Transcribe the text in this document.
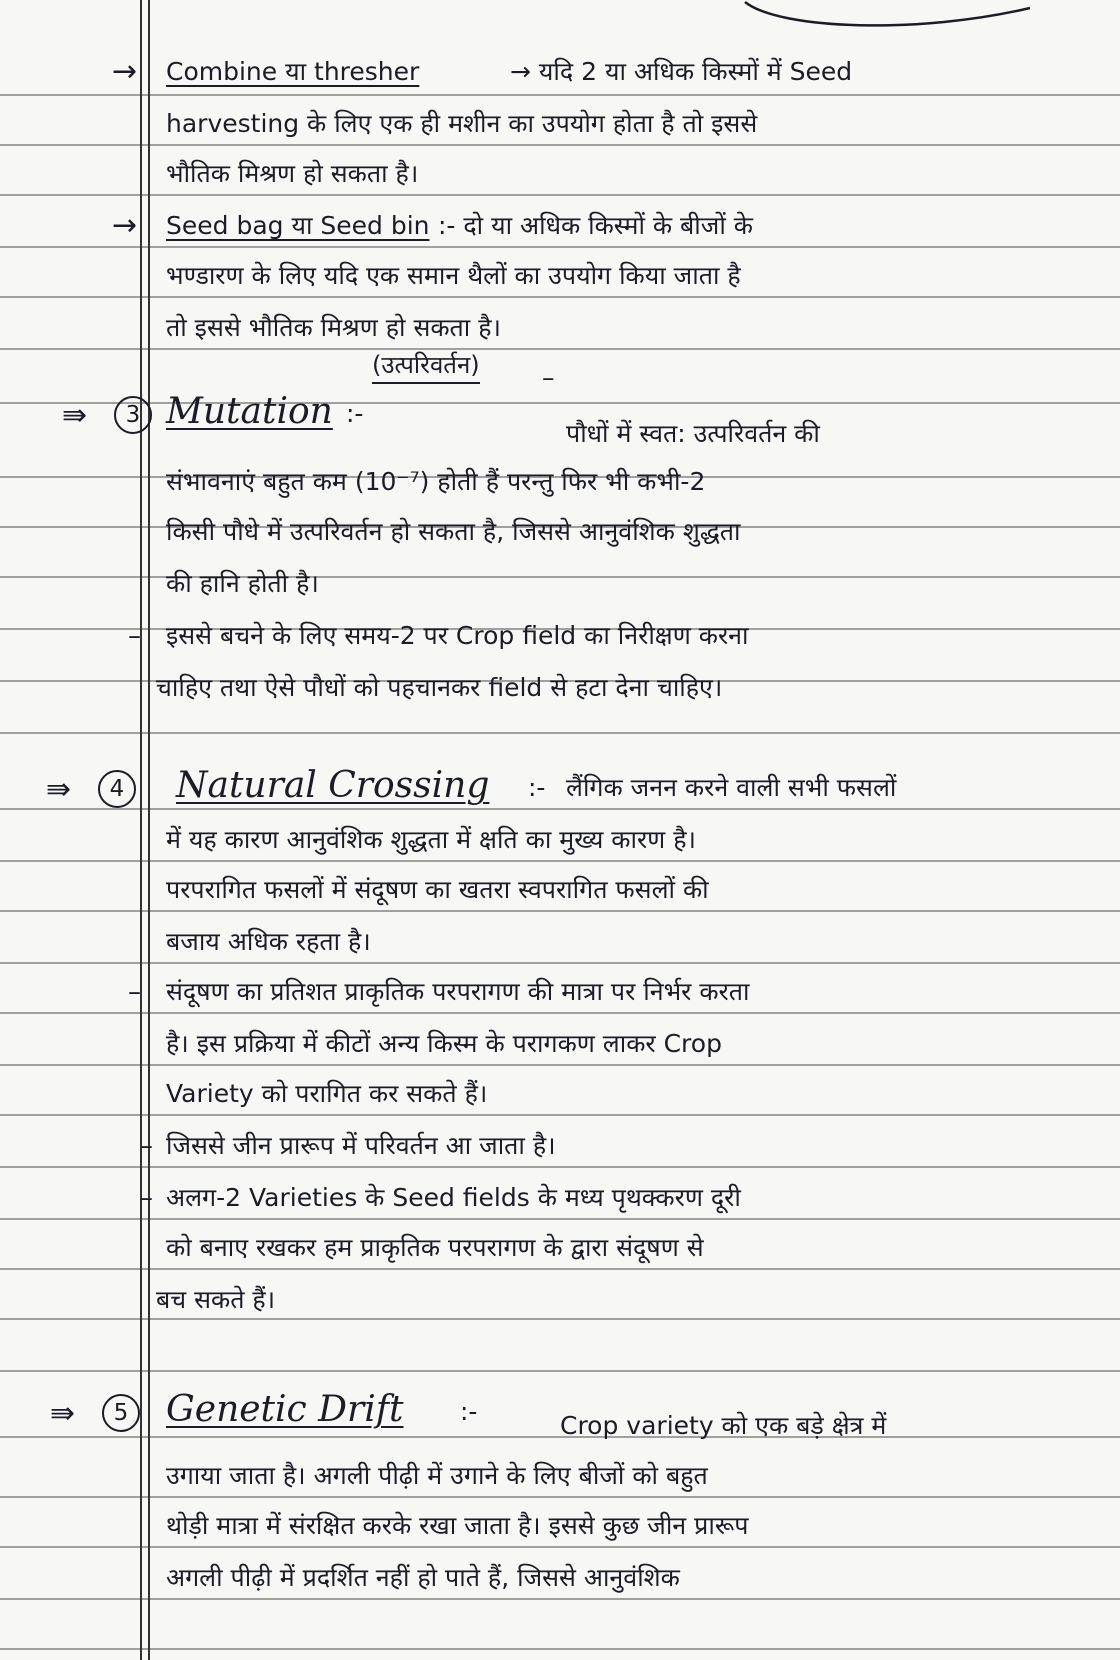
→ Combine या thresher	→ यदि 2 या अधिक किस्मों में Seed
harvesting के लिए एक ही मशीन का उपयोग होता है तो इससे
भौतिक मिश्रण हो सकता है।
→ Seed bag या Seed bin :- दो या अधिक किस्मों के बीजों के
भण्डारण के लिए यदि एक समान थैलों का उपयोग किया जाता है
तो इससे भौतिक मिश्रण हो सकता है।
⇛	3 Mutation :-
(उत्परिवर्तन) –
पौधों में स्वत: उत्परिवर्तन की
संभावनाएं बहुत कम (10⁻⁷) होती हैं परन्तु फिर भी कभी-2
किसी पौधे में उत्परिवर्तन हो सकता है, जिससे आनुवंशिक शुद्धता
की हानि होती है।
– इससे बचने के लिए समय-2 पर Crop field का निरीक्षण करना
चाहिए तथा ऐसे पौधों को पहचानकर field से हटा देना चाहिए।
⇛	4	Natural Crossing :- लैंगिक जनन करने वाली सभी फसलों
में यह कारण आनुवंशिक शुद्धता में क्षति का मुख्य कारण है।
परपरागित फसलों में संदूषण का खतरा स्वपरागित फसलों की
बजाय अधिक रहता है।
– संदूषण का प्रतिशत प्राकृतिक परपरागण की मात्रा पर निर्भर करता
है। इस प्रक्रिया में कीटों अन्य किस्म के परागकण लाकर Crop
Variety को परागित कर सकते हैं।
– जिससे जीन प्रारूप में परिवर्तन आ जाता है।
– अलग-2 Varieties के Seed fields के मध्य पृथक्करण दूरी
को बनाए रखकर हम प्राकृतिक परपरागण के द्वारा संदूषण से
बच सकते हैं।
⇛	5	Genetic Drift :-	Crop variety को एक बड़े क्षेत्र में
उगाया जाता है। अगली पीढ़ी में उगाने के लिए बीजों को बहुत
थोड़ी मात्रा में संरक्षित करके रखा जाता है। इससे कुछ जीन प्रारूप
अगली पीढ़ी में प्रदर्शित नहीं हो पाते हैं, जिससे आनुवंशिक
